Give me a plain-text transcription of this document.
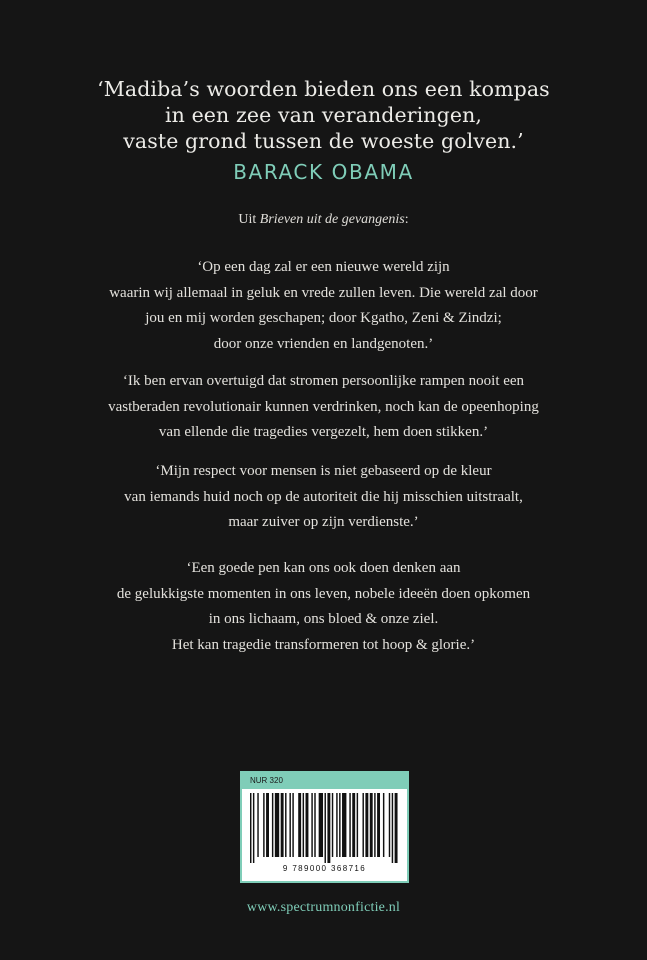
‘Madiba’s woorden bieden ons een kompas
in een zee van veranderingen,
vaste grond tussen de woeste golven.’
BARACK OBAMA
Uit Brieven uit de gevangenis:
‘Op een dag zal er een nieuwe wereld zijn
waarin wij allemaal in geluk en vrede zullen leven. Die wereld zal door
jou en mij worden geschapen; door Kgatho, Zeni & Zindzi;
door onze vrienden en landgenoten.’
‘Ik ben ervan overtuigd dat stromen persoonlijke rampen nooit een
vastberaden revolutionair kunnen verdrinken, noch kan de opeenhoping
van ellende die tragedies vergezelt, hem doen stikken.’
‘Mijn respect voor mensen is niet gebaseerd op de kleur
van iemands huid noch op de autoriteit die hij misschien uitstraalt,
maar zuiver op zijn verdienste.’
‘Een goede pen kan ons ook doen denken aan
de gelukkigste momenten in ons leven, nobele ideeën doen opkomen
in ons lichaam, ons bloed & onze ziel.
Het kan tragedie transformeren tot hoop & glorie.’
NUR 320
9 789000 368716
www.spectrumnonfictie.nl
